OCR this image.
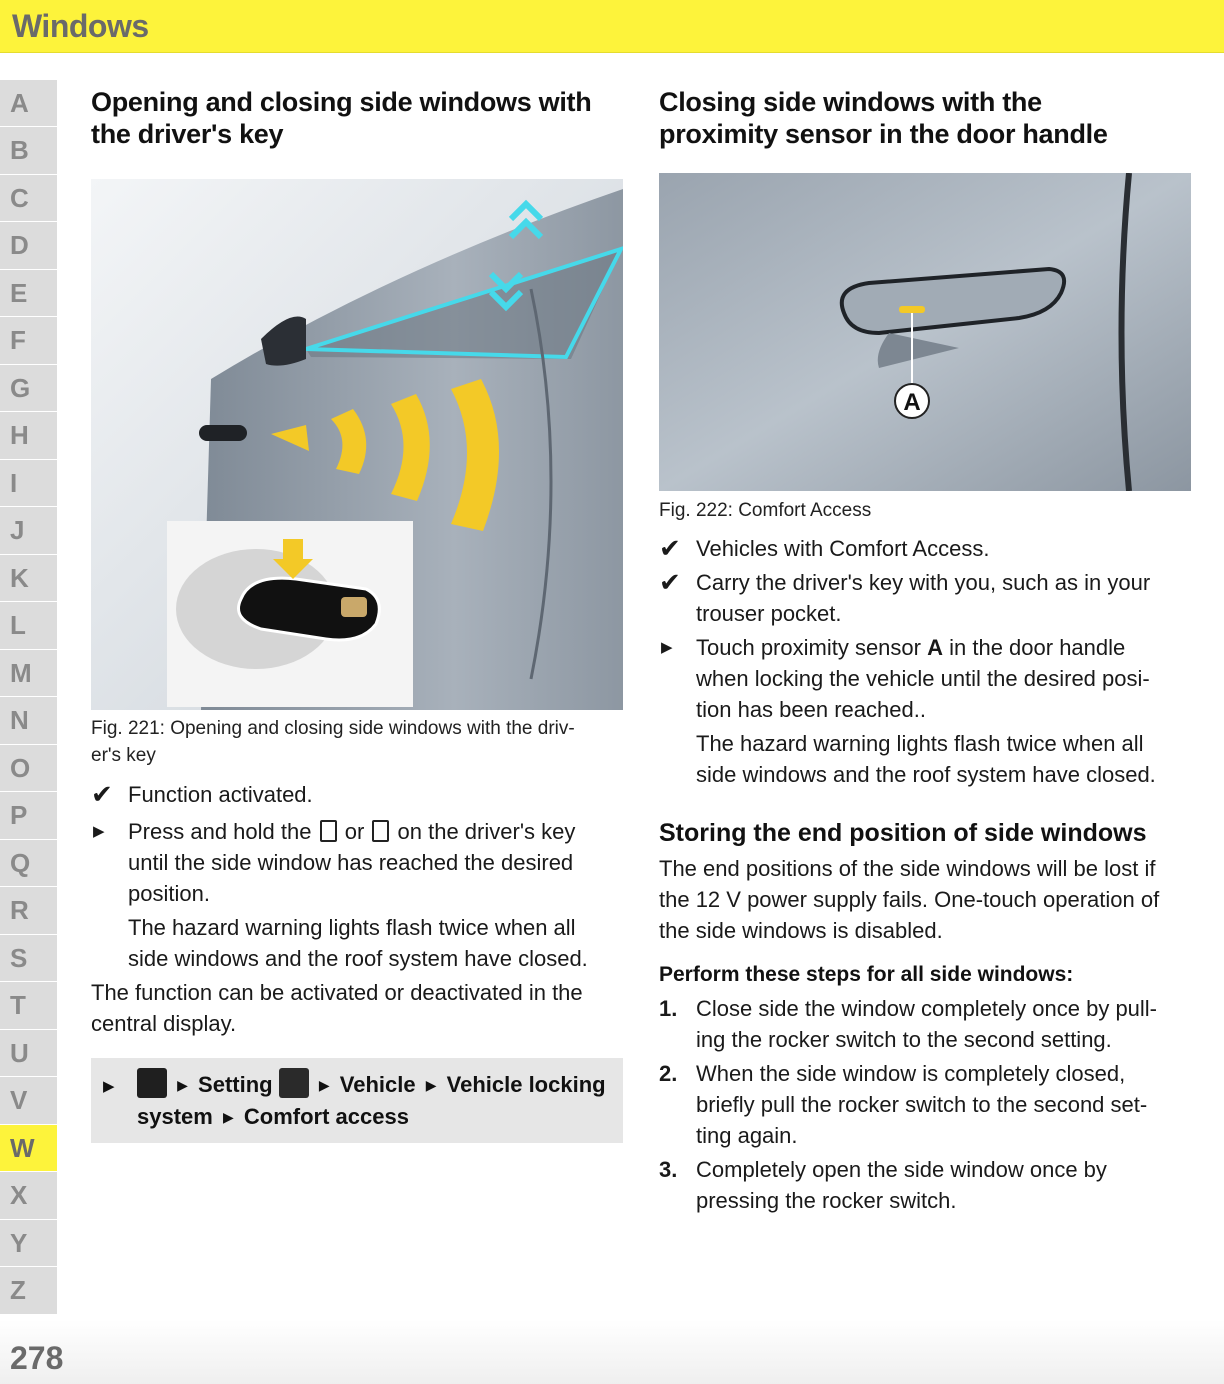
Windows
A
B
C
D
E
F
G
H
I
J
K
L
M
N
O
P
Q
R
S
T
U
V
W
X
Y
Z
278
Opening and closing side windows with the driver's key
Fig. 221: Opening and closing side windows with the driv-
er's key
✔ Function activated.
▶ Press and hold the or on the driver's key
until the side window has reached the desired
position.
The hazard warning lights flash twice when all
side windows and the roof system have closed.
The function can be activated or deactivated in the
central display.
▶	▶ Setting	▶ Vehicle ▶ Vehicle locking
system ▶ Comfort access
Closing side windows with the proximity sensor in the door handle
A
Fig. 222: Comfort Access
✔ Vehicles with Comfort Access.
✔ Carry the driver's key with you, such as in your
trouser pocket.
▶ Touch proximity sensor A in the door handle
when locking the vehicle until the desired posi-
tion has been reached..
The hazard warning lights flash twice when all
side windows and the roof system have closed.
Storing the end position of side windows
The end positions of the side windows will be lost if
the 12 V power supply fails. One-touch operation of
the side windows is disabled.
Perform these steps for all side windows:
1. Close side the window completely once by pull-
ing the rocker switch to the second setting.
2. When the side window is completely closed,
briefly pull the rocker switch to the second set-
ting again.
3. Completely open the side window once by
pressing the rocker switch.
